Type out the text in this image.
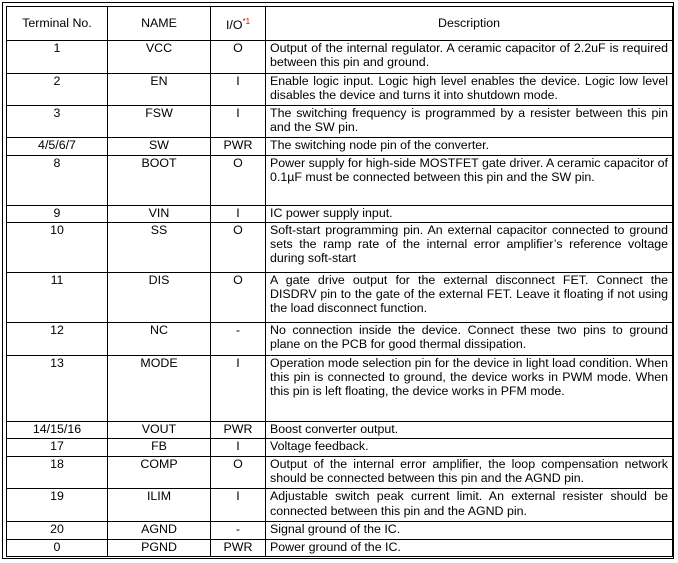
Terminal No.	NAME	I/O$^{*1}$	Description
1	VCC	O	Output of the internal regulator. A ceramic capacitor of 2.2uF is required between this pin and ground.
2	EN	I	Enable logic input. Logic high level enables the device. Logic low level disables the device and turns it into shutdown mode.
3	FSW	I	The switching frequency is programmed by a resister between this pin and the SW pin.
4/5/6/7	SW	PWR	The switching node pin of the converter.
8	BOOT	O	Power supply for high-side MOSTFET gate driver. A ceramic capacitor of 0.1µF must be connected between this pin and the SW pin.
9	VIN	I	IC power supply input.
10	SS	O	Soft-start programming pin. An external capacitor connected to ground sets the ramp rate of the internal error amplifier’s reference voltage during soft-start
11	DIS	O	A gate drive output for the external disconnect FET. Connect the DISDRV pin to the gate of the external FET. Leave it floating if not using the load disconnect function.
12	NC	-	No connection inside the device. Connect these two pins to ground plane on the PCB for good thermal dissipation.
13	MODE	I	Operation mode selection pin for the device in light load condition. When this pin is connected to ground, the device works in PWM mode. When this pin is left floating, the device works in PFM mode.
14/15/16	VOUT	PWR	Boost converter output.
17	FB	I	Voltage feedback.
18	COMP	O	Output of the internal error amplifier, the loop compensation network should be connected between this pin and the AGND pin.
19	ILIM	I	Adjustable switch peak current limit. An external resister should be connected between this pin and the AGND pin.
20	AGND	-	Signal ground of the IC.
0	PGND	PWR	Power ground of the IC.
